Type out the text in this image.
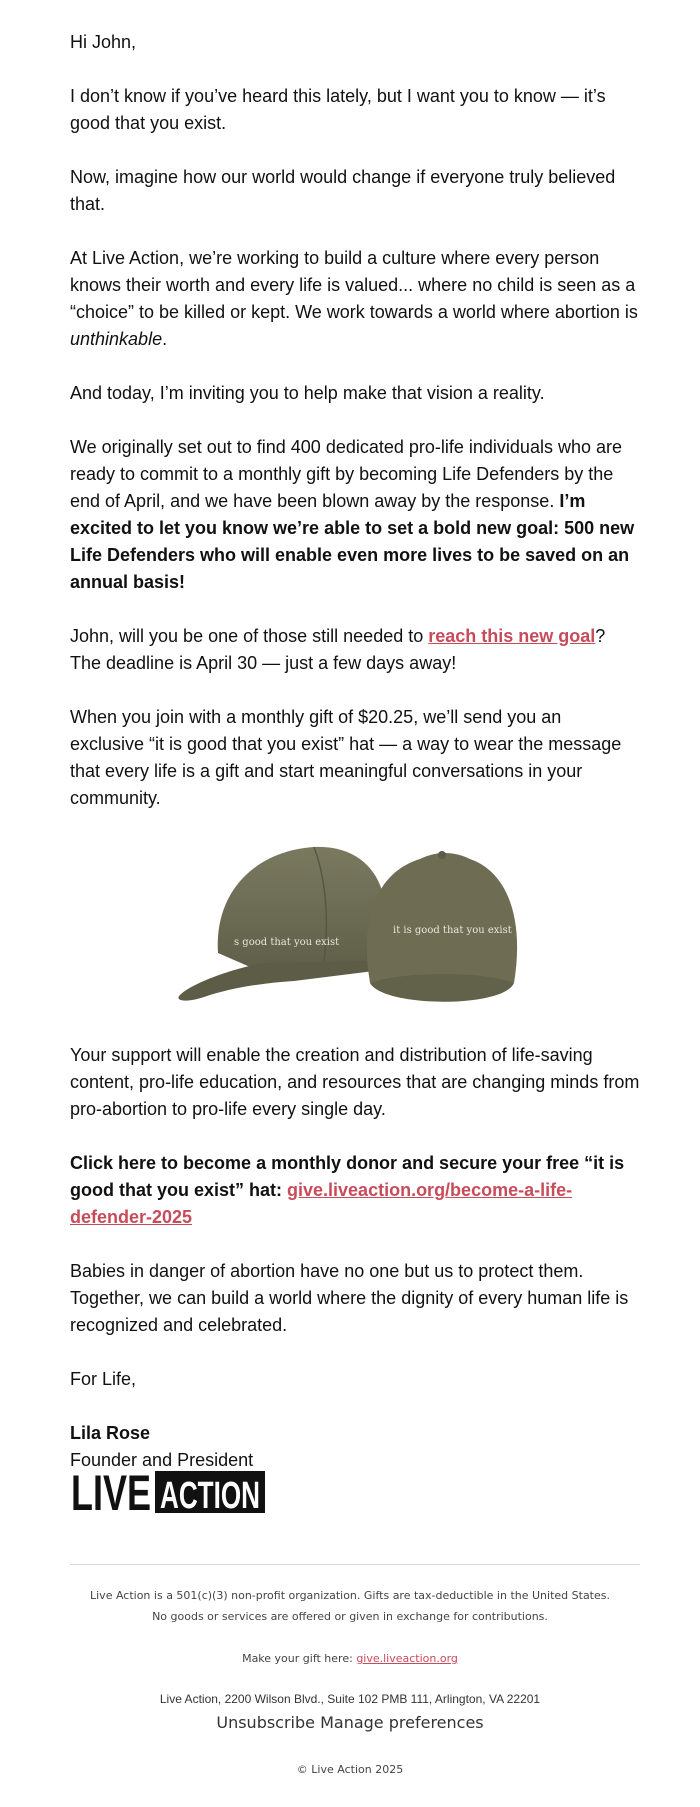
Hi John,

I don’t know if you’ve heard this lately, but I want you to know — it’s good that you exist.

Now, imagine how our world would change if everyone truly believed that.

At Live Action, we’re working to build a culture where every person knows their worth and every life is valued... where no child is seen as a “choice” to be killed or kept. We work towards a world where abortion is unthinkable.

And today, I’m inviting you to help make that vision a reality.

We originally set out to find 400 dedicated pro-life individuals who are ready to commit to a monthly gift by becoming Life Defenders by the end of April, and we have been blown away by the response. I’m excited to let you know we’re able to set a bold new goal: 500 new Life Defenders who will enable even more lives to be saved on an annual basis!

John, will you be one of those still needed to reach this new goal? The deadline is April 30 — just a few days away!

When you join with a monthly gift of $20.25, we’ll send you an exclusive “it is good that you exist” hat — a way to wear the message that every life is a gift and start meaningful conversations in your community.

Your support will enable the creation and distribution of life-saving content, pro-life education, and resources that are changing minds from pro-abortion to pro-life every single day.

Click here to become a monthly donor and secure your free “it is good that you exist” hat: give.liveaction.org/become-a-life-defender-2025

Babies in danger of abortion have no one but us to protect them. Together, we can build a world where the dignity of every human life is recognized and celebrated.

For Life,

Lila Rose
Founder and President

s good that you exist
it is good that you exist
LIVE ACTION
Live Action is a 501(c)(3) non-profit organization. Gifts are tax-deductible in the United States.
No goods or services are offered or given in exchange for contributions.
Make your gift here: give.liveaction.org
Live Action, 2200 Wilson Blvd., Suite 102 PMB 111, Arlington, VA 22201
Unsubscribe Manage preferences
© Live Action 2025
